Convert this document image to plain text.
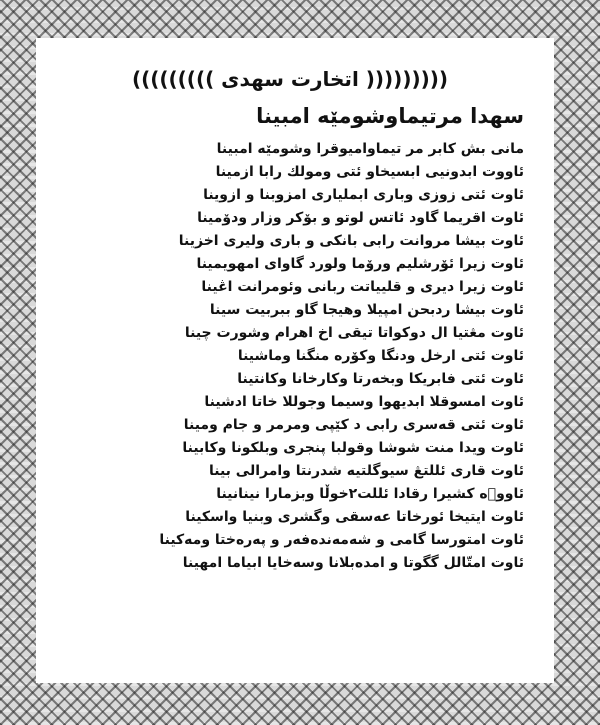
((((((((( اتخارت سهدى )))))))))
سهدا مرتيماوشومێه امبينا
مانى بش كابر مر تيماواميوقرا وشومێه امبينا
ئاووت ابدونيى ابسيخاو ئتى ومولك رابا ازمينا
ئاوت ئتى زوزى وبارى ابمليارى امزوبنا و ازوينا
ئاوت اقريما گاود ئاتس لوتو و بۆكر وزار ودۆمينا
ئاوت بيشا مروانت رابى بانكى و بارى وليرى اخزينا
ئاوت زيرا ئۆرشليم ورۆما ولورد گاواى امهويمينا
ئاوت زيرا ديرى و قليياتت ربانى وئومرانت اڠينا
ئاوت بيشا ردبحن امپيلا وهيجا گاو ببربيت سينا
ئاوت مڠتيا ال دوكواتا تيقى اخ اهرام وشورت چينا
ئاوت ئتى ارخل ودنگا وكۆره منگنا وماشينا
ئاوت ئتى فابريكا وبخەرتا وكارخانا وكانتينا
ئاوت امسوقلا ابديهوا وسيما وجوللا خاتا ادشينا
ئاوت ئتى قەسرى رابى د كێپى ومرمر و جام ومينا
ئاوت ويدا منت شوشا وقولبا پنجرى وبلكونا وكابينا
ئاوت قارى ئللتڠ سيوگلتيه شدرنتا وامرالى بينا
ئاووۤه كشيرا رقادا ئللت٢خوڵا وبزمارا نينانينا
ئاوت ايتيخا ئورخاتا عەسقى وگشرى وبنيا واسكينا
ئاوت امتورسا گامى و شەمەندەفەر و پەرەختا ومەكينا
ئاوت امتّالل گگوتا و امدەبلانا وسەخايا ابياما امهينا
